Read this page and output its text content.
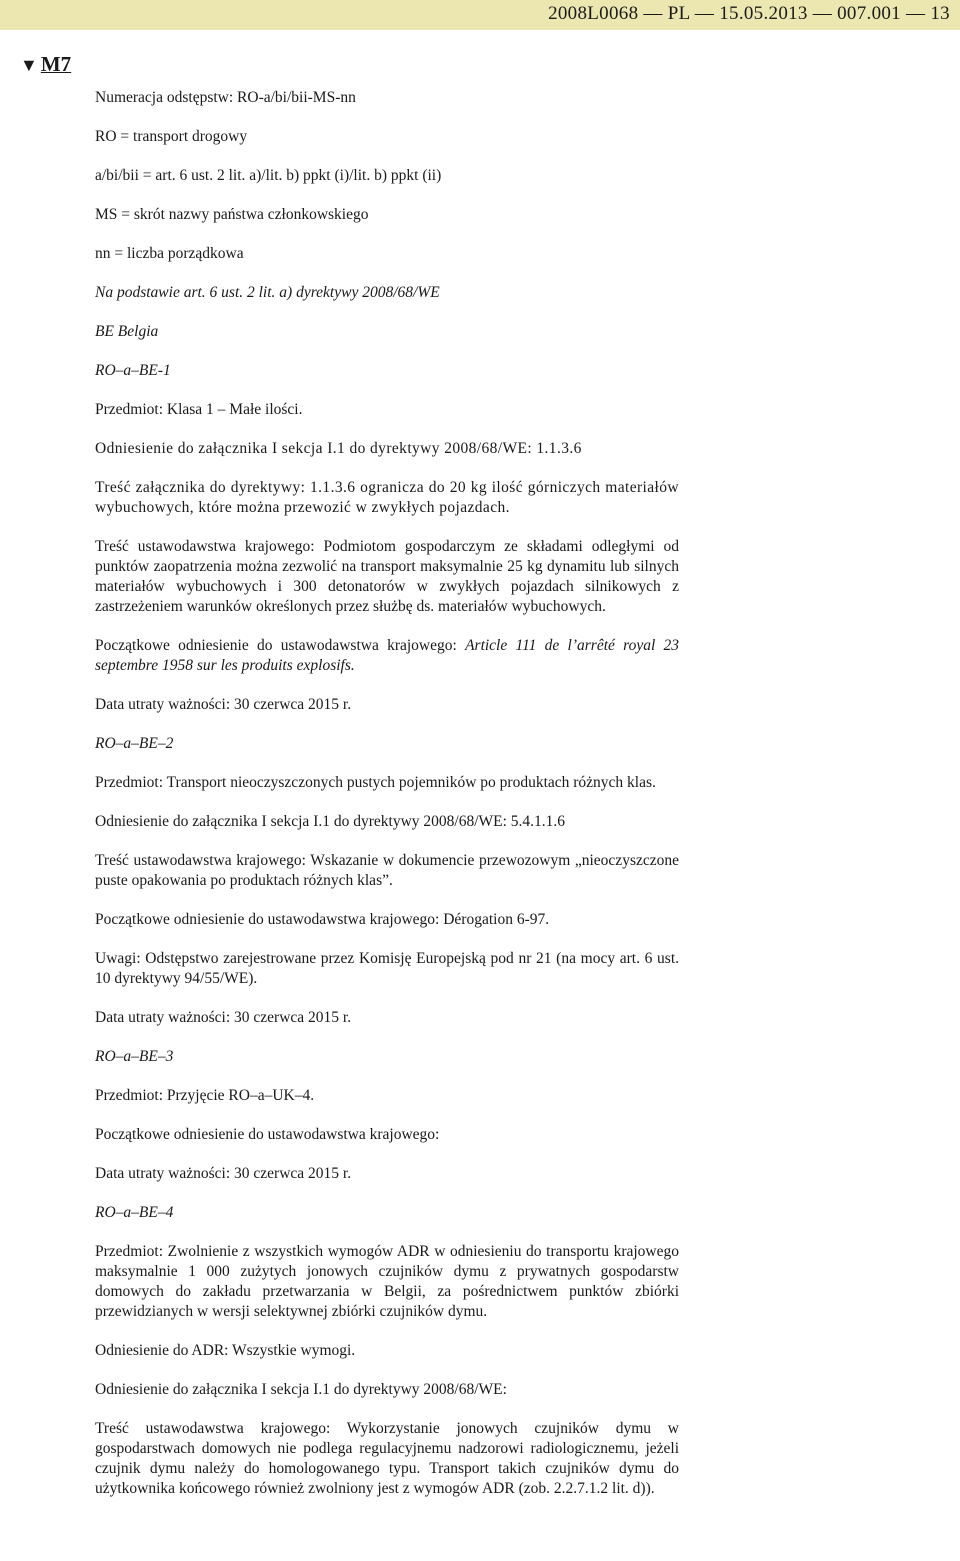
2008L0068 — PL — 15.05.2013 — 007.001 — 13
▼ M7

Numeracja odstępstw: RO-a/bi/bii-MS-nn

RO = transport drogowy

a/bi/bii = art. 6 ust. 2 lit. a)/lit. b) ppkt (i)/lit. b) ppkt (ii)

MS = skrót nazwy państwa członkowskiego

nn = liczba porządkowa

Na podstawie art. 6 ust. 2 lit. a) dyrektywy 2008/68/WE

BE Belgia

RO–a–BE-1

Przedmiot: Klasa 1 – Małe ilości.

Odniesienie do załącznika I sekcja I.1 do dyrektywy 2008/68/WE: 1.1.3.6

Treść załącznika do dyrektywy: 1.1.3.6 ogranicza do 20 kg ilość górniczych materiałów wybuchowych, które można przewozić w zwykłych pojazdach.

Treść ustawodawstwa krajowego: Podmiotom gospodarczym ze składami odległymi od punktów zaopatrzenia można zezwolić na transport maksymalnie 25 kg dynamitu lub silnych materiałów wybuchowych i 300 detonatorów w zwykłych pojazdach silnikowych z zastrzeżeniem warunków określonych przez służbę ds. materiałów wybuchowych.

Początkowe odniesienie do ustawodawstwa krajowego: Article 111 de l’arrêté royal 23 septembre 1958 sur les produits explosifs.

Data utraty ważności: 30 czerwca 2015 r.

RO–a–BE–2

Przedmiot: Transport nieoczyszczonych pustych pojemników po produktach różnych klas.

Odniesienie do załącznika I sekcja I.1 do dyrektywy 2008/68/WE: 5.4.1.1.6

Treść ustawodawstwa krajowego: Wskazanie w dokumencie przewozowym „nieoczyszczone puste opakowania po produktach różnych klas”.

Początkowe odniesienie do ustawodawstwa krajowego: Dérogation 6-97.

Uwagi: Odstępstwo zarejestrowane przez Komisję Europejską pod nr 21 (na mocy art. 6 ust. 10 dyrektywy 94/55/WE).

Data utraty ważności: 30 czerwca 2015 r.

RO–a–BE–3

Przedmiot: Przyjęcie RO–a–UK–4.

Początkowe odniesienie do ustawodawstwa krajowego:

Data utraty ważności: 30 czerwca 2015 r.

RO–a–BE–4

Przedmiot: Zwolnienie z wszystkich wymogów ADR w odniesieniu do transportu krajowego maksymalnie 1 000 zużytych jonowych czujników dymu z prywatnych gospodarstw domowych do zakładu przetwarzania w Belgii, za pośrednictwem punktów zbiórki przewidzianych w wersji selektywnej zbiórki czujników dymu.

Odniesienie do ADR: Wszystkie wymogi.

Odniesienie do załącznika I sekcja I.1 do dyrektywy 2008/68/WE:

Treść ustawodawstwa krajowego: Wykorzystanie jonowych czujników dymu w gospodarstwach domowych nie podlega regulacyjnemu nadzorowi radiologicznemu, jeżeli czujnik dymu należy do homologowanego typu. Transport takich czujników dymu do użytkownika końcowego również zwolniony jest z wymogów ADR (zob. 2.2.7.1.2 lit. d)).
